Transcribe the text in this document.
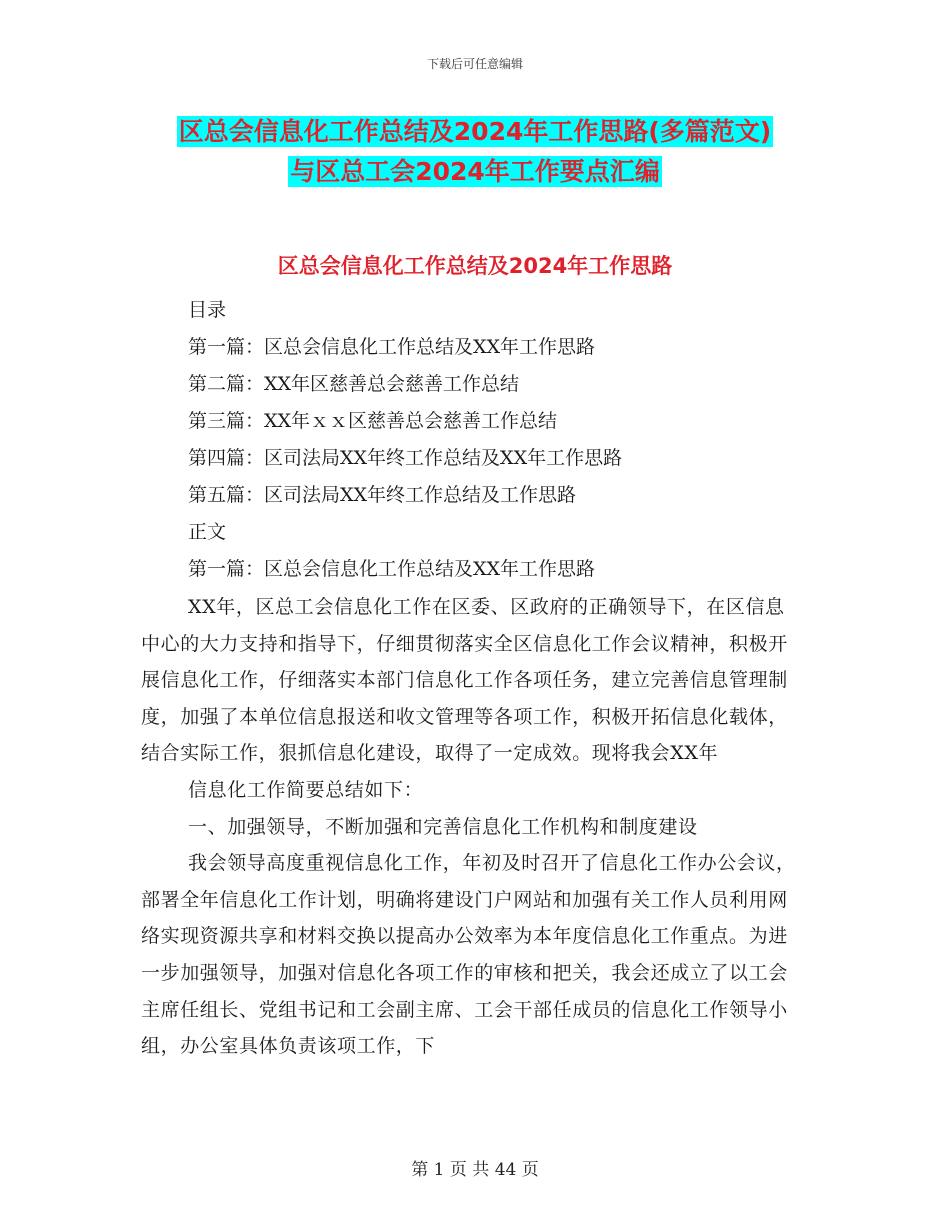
下载后可任意编辑
区总会信息化工作总结及2024年工作思路(多篇范文)
与区总工会2024年工作要点汇编
区总会信息化工作总结及2024年工作思路
目录
第一篇：区总会信息化工作总结及XX年工作思路
第二篇：XX年区慈善总会慈善工作总结
第三篇：XX年ｘｘ区慈善总会慈善工作总结
第四篇：区司法局XX年终工作总结及XX年工作思路
第五篇：区司法局XX年终工作总结及工作思路
正文
第一篇：区总会信息化工作总结及XX年工作思路

XX年，区总工会信息化工作在区委、区政府的正确领导下，在区信息中心的大力支持和指导下，仔细贯彻落实全区信息化工作会议精神，积极开展信息化工作，仔细落实本部门信息化工作各项任务，建立完善信息管理制度，加强了本单位信息报送和收文管理等各项工作，积极开拓信息化载体，结合实际工作，狠抓信息化建设，取得了一定成效。现将我会XX年

信息化工作简要总结如下：

一、加强领导，不断加强和完善信息化工作机构和制度建设

我会领导高度重视信息化工作，年初及时召开了信息化工作办公会议，部署全年信息化工作计划，明确将建设门户网站和加强有关工作人员利用网络实现资源共享和材料交换以提高办公效率为本年度信息化工作重点。为进一步加强领导，加强对信息化各项工作的审核和把关，我会还成立了以工会主席任组长、党组书记和工会副主席、工会干部任成员的信息化工作领导小组，办公室具体负责该项工作，下

第 1 页 共 44 页
